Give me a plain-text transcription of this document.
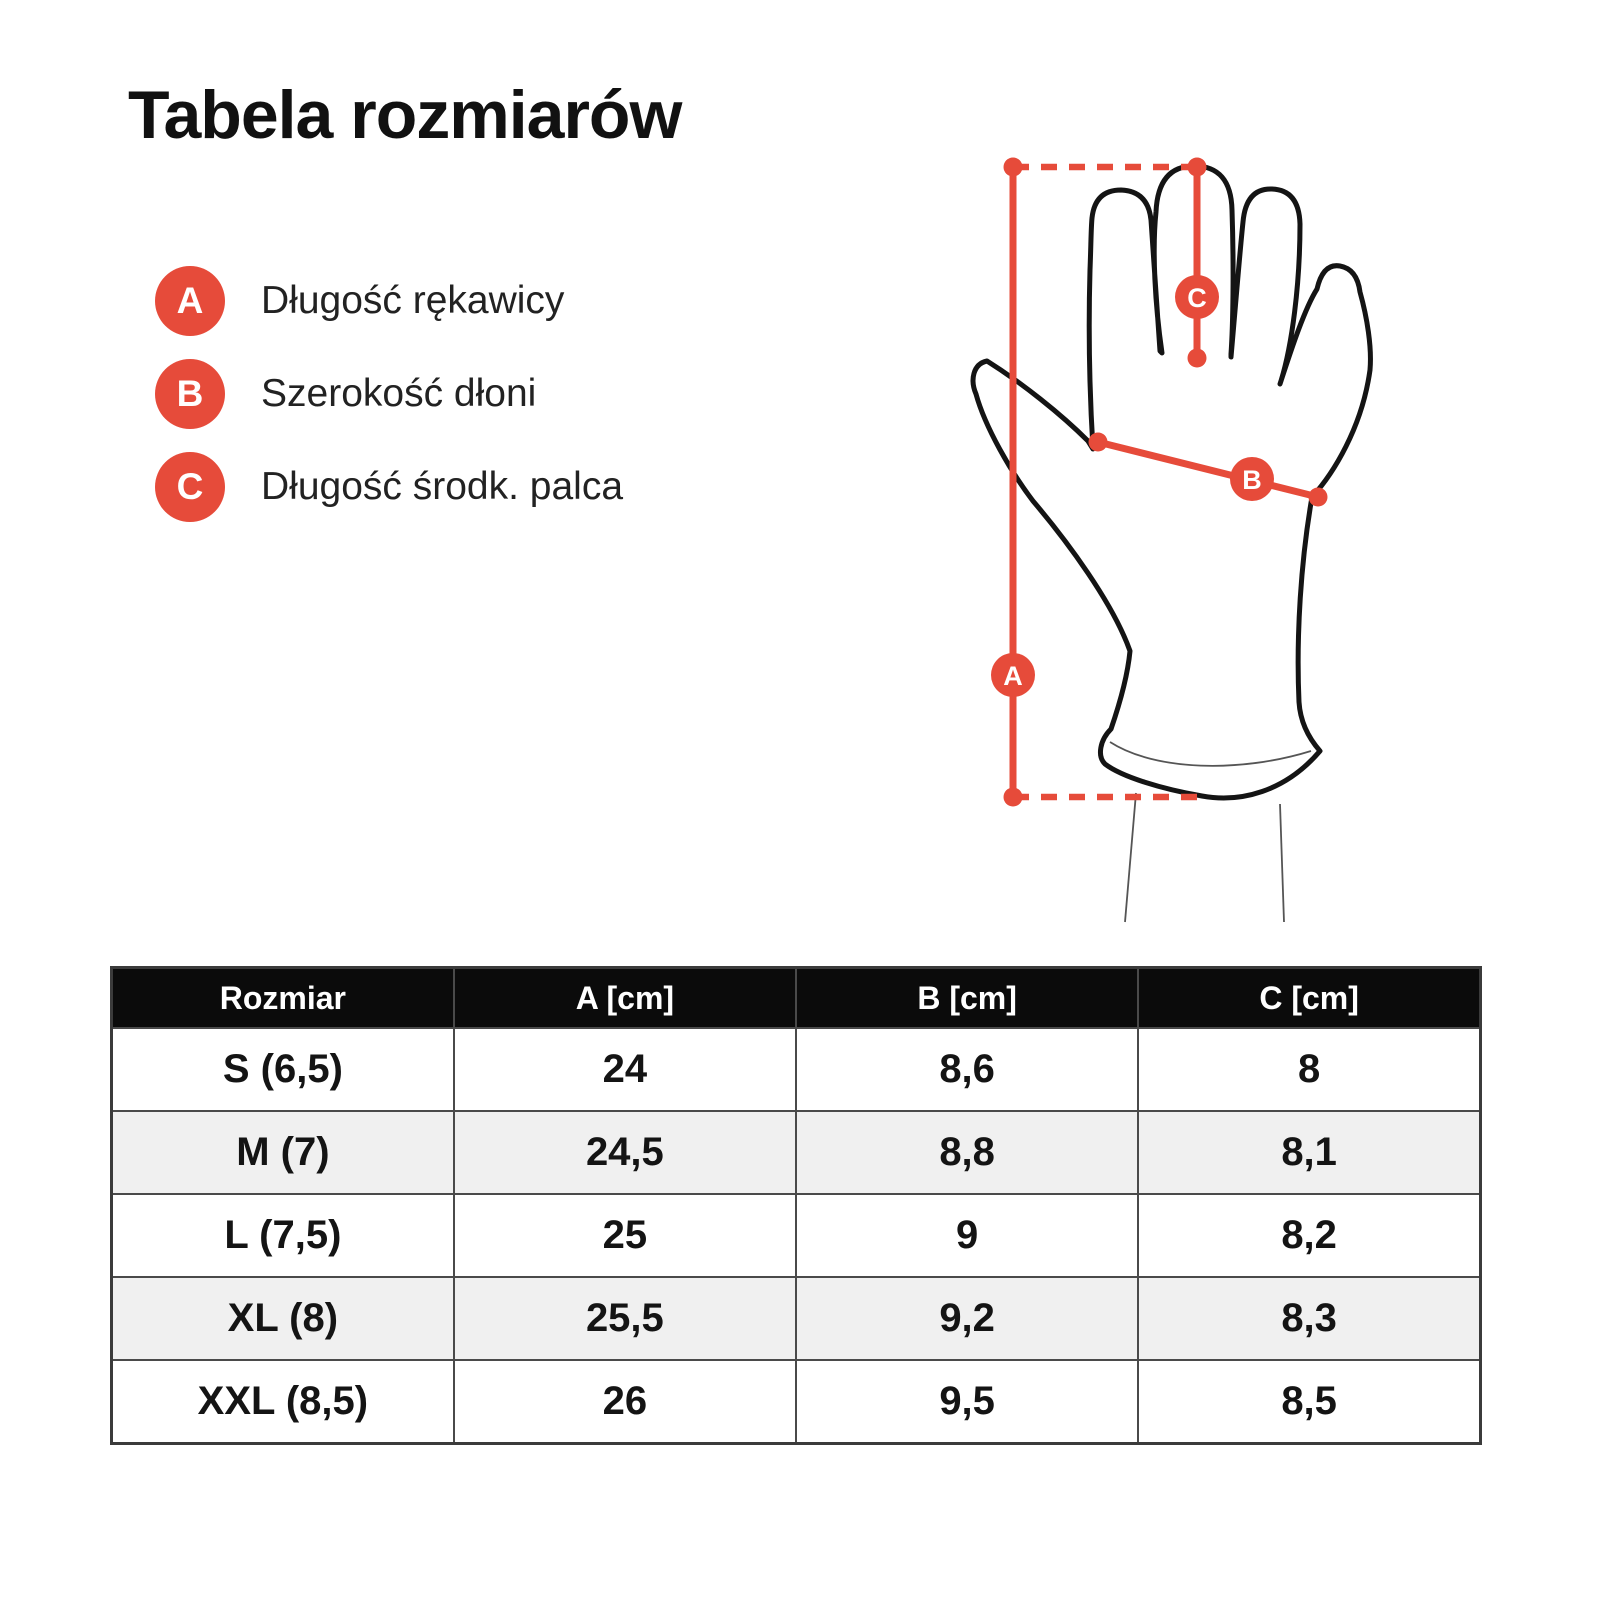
Tabela rozmiarów
A Długość rękawicy
B Szerokość dłoni
C Długość środk. palca
A
C
B
Rozmiar	A [cm]	B [cm]	C [cm]
S (6,5)	24	8,6	8
M (7)	24,5	8,8	8,1
L (7,5)	25	9	8,2
XL (8)	25,5	9,2	8,3
XXL (8,5)	26	9,5	8,5
